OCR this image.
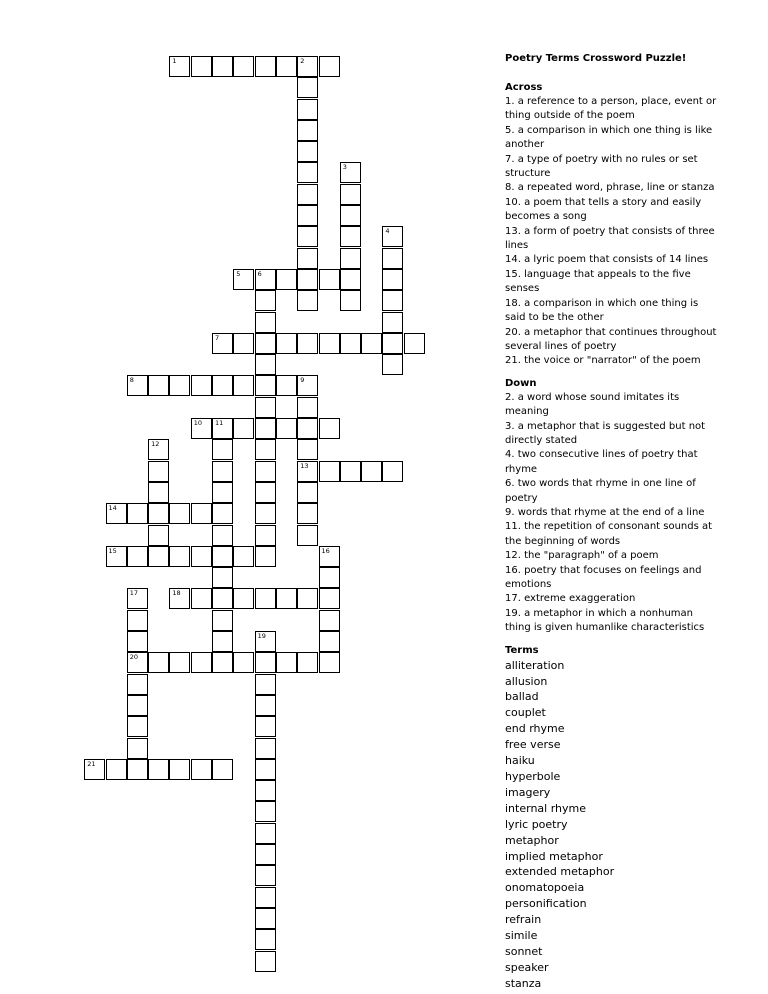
1	2
3
4
5	6
7
8	9
13
10 11
12
14
15	16
17
20
18
19
21
Poetry Terms Crossword Puzzle!
Across

1. a reference to a person, place, event or thing outside of the poem

5. a comparison in which one thing is like another

7. a type of poetry with no rules or set structure

8. a repeated word, phrase, line or stanza

10. a poem that tells a story and easily becomes a song

13. a form of poetry that consists of three lines

14. a lyric poem that consists of 14 lines

15. language that appeals to the five senses

18. a comparison in which one thing is said to be the other

20. a metaphor that continues throughout several lines of poetry

21. the voice or "narrator" of the poem

Down

2. a word whose sound imitates its meaning

3. a metaphor that is suggested but not directly stated

4. two consecutive lines of poetry that rhyme

6. two words that rhyme in one line of poetry

9. words that rhyme at the end of a line

11. the repetition of consonant sounds at the beginning of words

12. the "paragraph" of a poem

16. poetry that focuses on feelings and emotions

17. extreme exaggeration

19. a metaphor in which a nonhuman thing is given humanlike characteristics

Terms
alliteration
allusion
ballad
couplet
end rhyme
free verse
haiku
hyperbole
imagery
internal rhyme
lyric poetry
metaphor
implied metaphor
extended metaphor
onomatopoeia
personification
refrain
simile
sonnet
speaker
stanza
